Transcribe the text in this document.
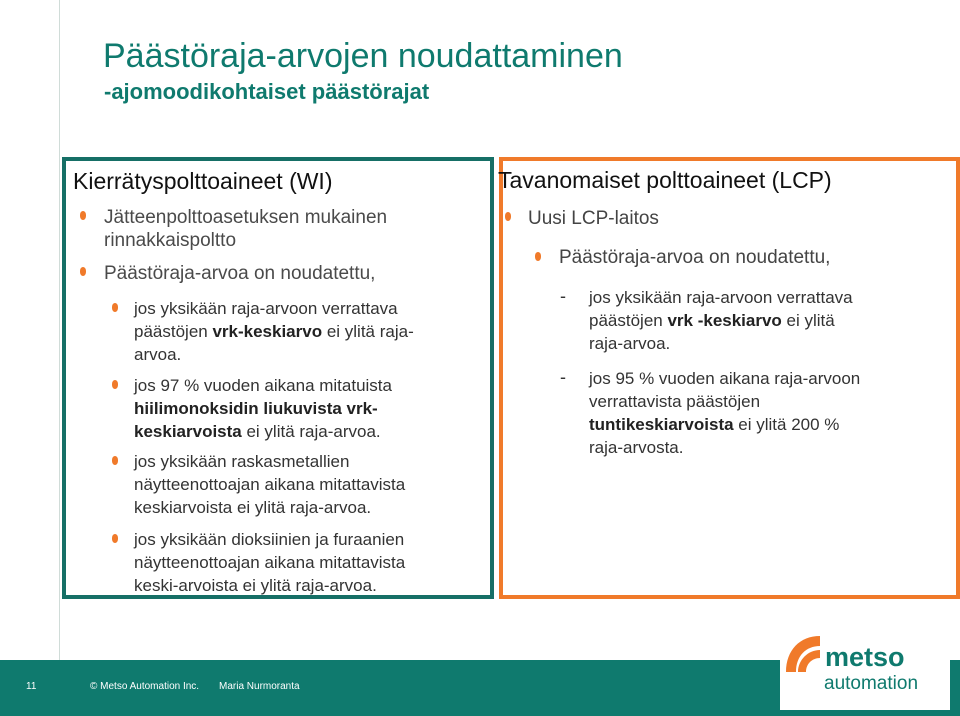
Päästöraja-arvojen noudattaminen
-ajomoodikohtaiset päästörajat
Kierrätyspolttoaineet (WI)
Jätteenpolttoasetuksen mukainen
rinnakkaispoltto
Päästöraja-arvoa on noudatettu,
jos yksikään raja-arvoon verrattava
päästöjen vrk-keskiarvo ei ylitä raja-
arvoa.
jos 97 % vuoden aikana mitatuista
hiilimonoksidin liukuvista vrk-
keskiarvoista ei ylitä raja-arvoa.
jos yksikään raskasmetallien
näytteenottoajan aikana mitattavista
keskiarvoista ei ylitä raja-arvoa.
jos yksikään dioksiinien ja furaanien
näytteenottoajan aikana mitattavista
keski-arvoista ei ylitä raja-arvoa.
Tavanomaiset polttoaineet (LCP)
Uusi LCP-laitos
Päästöraja-arvoa on noudatettu,
- jos yksikään raja-arvoon verrattava
päästöjen vrk -keskiarvo ei ylitä
raja-arvoa.
- jos 95 % vuoden aikana raja-arvoon
verrattavista päästöjen
tuntikeskiarvoista ei ylitä 200 %
raja-arvosta.
11	© Metso Automation Inc. Maria Nurmoranta
metso
automation
